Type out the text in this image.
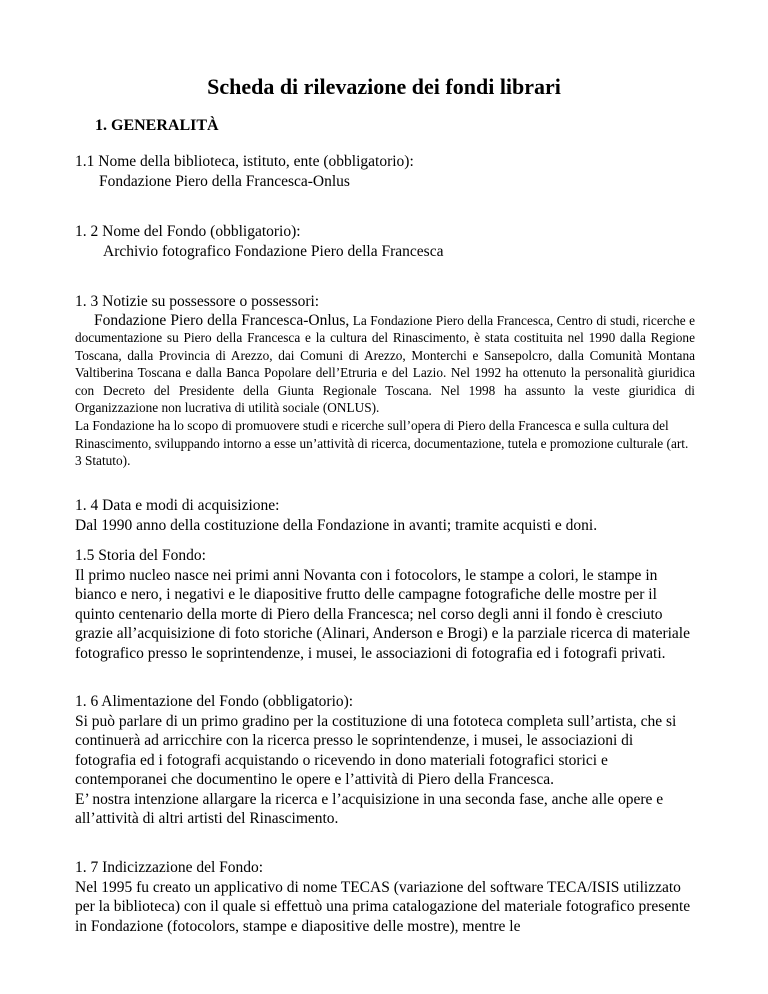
Scheda di rilevazione dei fondi librari
1. GENERALITÀ

1.1 Nome della biblioteca, istituto, ente (obbligatorio):

Fondazione Piero della Francesca-Onlus

1. 2 Nome del Fondo (obbligatorio):

Archivio fotografico Fondazione Piero della Francesca

1. 3 Notizie su possessore o possessori:

Fondazione Piero della Francesca-Onlus, La Fondazione Piero della Francesca, Centro di studi, ricerche e documentazione su Piero della Francesca e la cultura del Rinascimento, è stata costituita nel 1990 dalla Regione Toscana, dalla Provincia di Arezzo, dai Comuni di Arezzo, Monterchi e Sansepolcro, dalla Comunità Montana Valtiberina Toscana e dalla Banca Popolare dell’Etruria e del Lazio. Nel 1992 ha ottenuto la personalità giuridica con Decreto del Presidente della Giunta Regionale Toscana. Nel 1998 ha assunto la veste giuridica di Organizzazione non lucrativa di utilità sociale (ONLUS).

La Fondazione ha lo scopo di promuovere studi e ricerche sull’opera di Piero della Francesca e sulla cultura del Rinascimento, sviluppando intorno a esse un’attività di ricerca, documentazione, tutela e promozione culturale (art. 3 Statuto).

1. 4 Data e modi di acquisizione:

Dal 1990 anno della costituzione della Fondazione in avanti; tramite acquisti e doni.

1.5 Storia del Fondo:

Il primo nucleo nasce nei primi anni Novanta con i fotocolors, le stampe a colori, le stampe in bianco e nero, i negativi e le diapositive frutto delle campagne fotografiche delle mostre per il quinto centenario della morte di Piero della Francesca; nel corso degli anni il fondo è cresciuto grazie all’acquisizione di foto storiche (Alinari, Anderson e Brogi) e la parziale ricerca di materiale fotografico presso le soprintendenze, i musei, le associazioni di fotografia ed i fotografi privati.

1. 6 Alimentazione del Fondo (obbligatorio):

Si può parlare di un primo gradino per la costituzione di una fototeca completa sull’artista, che si continuerà ad arricchire con la ricerca presso le soprintendenze, i musei, le associazioni di fotografia ed i fotografi acquistando o ricevendo in dono materiali fotografici storici e contemporanei che documentino le opere e l’attività di Piero della Francesca.

E’ nostra intenzione allargare la ricerca e l’acquisizione in una seconda fase, anche alle opere e all’attività di altri artisti del Rinascimento.

1. 7 Indicizzazione del Fondo:

Nel 1995 fu creato un applicativo di nome TECAS (variazione del software TECA/ISIS utilizzato per la biblioteca) con il quale si effettuò una prima catalogazione del materiale fotografico presente in Fondazione (fotocolors, stampe e diapositive delle mostre), mentre le
